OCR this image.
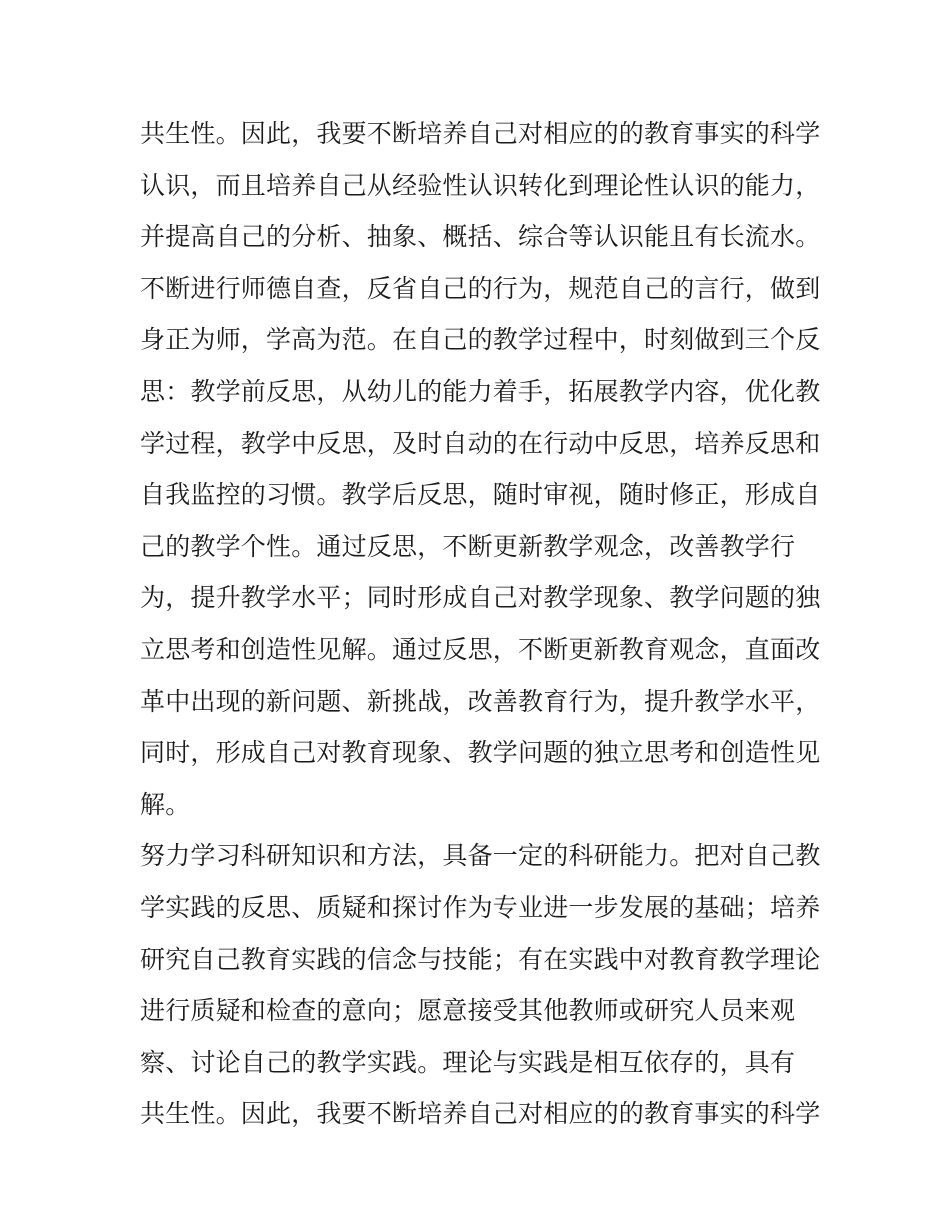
共生性。因此，我要不断培养自己对相应的的教育事实的科学
认识，而且培养自己从经验性认识转化到理论性认识的能力，
并提高自己的分析、抽象、概括、综合等认识能且有长流水。
不断进行师德自查，反省自己的行为，规范自己的言行，做到
身正为师，学高为范。在自己的教学过程中，时刻做到三个反
思：教学前反思，从幼儿的能力着手，拓展教学内容，优化教
学过程，教学中反思，及时自动的在行动中反思，培养反思和
自我监控的习惯。教学后反思，随时审视，随时修正，形成自
己的教学个性。通过反思，不断更新教学观念，改善教学行
为，提升教学水平；同时形成自己对教学现象、教学问题的独
立思考和创造性见解。通过反思，不断更新教育观念，直面改
革中出现的新问题、新挑战，改善教育行为，提升教学水平，
同时，形成自己对教育现象、教学问题的独立思考和创造性见
解。
努力学习科研知识和方法，具备一定的科研能力。把对自己教
学实践的反思、质疑和探讨作为专业进一步发展的基础；培养
研究自己教育实践的信念与技能；有在实践中对教育教学理论
进行质疑和检查的意向；愿意接受其他教师或研究人员来观
察、讨论自己的教学实践。理论与实践是相互依存的，具有
共生性。因此，我要不断培养自己对相应的的教育事实的科学
